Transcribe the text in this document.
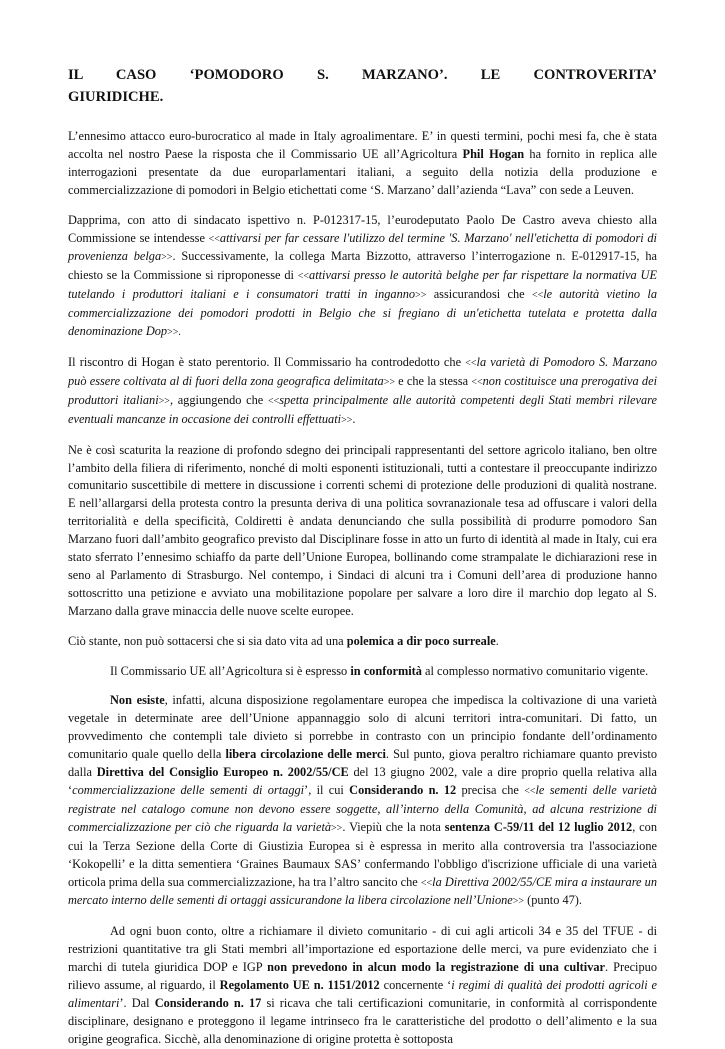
IL CASO ‘POMODORO S. MARZANO’. LE CONTROVERITA’
GIURIDICHE.

L’ennesimo attacco euro-burocratico al made in Italy agroalimentare. E’ in questi termini, pochi mesi fa, che è stata accolta nel nostro Paese la risposta che il Commissario UE all’Agricoltura Phil Hogan ha fornito in replica alle interrogazioni presentate da due europarlamentari italiani, a seguito della notizia della produzione e commercializzazione di pomodori in Belgio etichettati come ‘S. Marzano’ dall’azienda “Lava” con sede a Leuven.

Dapprima, con atto di sindacato ispettivo n. P-012317-15, l’eurodeputato Paolo De Castro aveva chiesto alla Commissione se intendesse <<attivarsi per far cessare l'utilizzo del termine 'S. Marzano' nell'etichetta di pomodori di provenienza belga>>. Successivamente, la collega Marta Bizzotto, attraverso l’interrogazione n. E-012917-15, ha chiesto se la Commissione si riproponesse di <<attivarsi presso le autorità belghe per far rispettare la normativa UE tutelando i produttori italiani e i consumatori tratti in inganno>> assicurandosi che <<le autorità vietino la commercializzazione dei pomodori prodotti in Belgio che si fregiano di un'etichetta tutelata e protetta dalla denominazione Dop>>.

Il riscontro di Hogan è stato perentorio. Il Commissario ha controdedotto che <<la varietà di Pomodoro S. Marzano può essere coltivata al di fuori della zona geografica delimitata>> e che la stessa <<non costituisce una prerogativa dei produttori italiani>>, aggiungendo che <<spetta principalmente alle autorità competenti degli Stati membri rilevare eventuali mancanze in occasione dei controlli effettuati>>.

Ne è così scaturita la reazione di profondo sdegno dei principali rappresentanti del settore agricolo italiano, ben oltre l’ambito della filiera di riferimento, nonché di molti esponenti istituzionali, tutti a contestare il preoccupante indirizzo comunitario suscettibile di mettere in discussione i correnti schemi di protezione delle produzioni di qualità nostrane. E nell’allargarsi della protesta contro la presunta deriva di una politica sovranazionale tesa ad offuscare i valori della territorialità e della specificità, Coldiretti è andata denunciando che sulla possibilità di produrre pomodoro San Marzano fuori dall’ambito geografico previsto dal Disciplinare fosse in atto un furto di identità al made in Italy, cui era stato sferrato l’ennesimo schiaffo da parte dell’Unione Europea, bollinando come strampalate le dichiarazioni rese in seno al Parlamento di Strasburgo. Nel contempo, i Sindaci di alcuni tra i Comuni dell’area di produzione hanno sottoscritto una petizione e avviato una mobilitazione popolare per salvare a loro dire il marchio dop legato al S. Marzano dalla grave minaccia delle nuove scelte europee.

Ciò stante, non può sottacersi che si sia dato vita ad una polemica a dir poco surreale.

Il Commissario UE all’Agricoltura si è espresso in conformità al complesso normativo comunitario vigente.

Non esiste, infatti, alcuna disposizione regolamentare europea che impedisca la coltivazione di una varietà vegetale in determinate aree dell’Unione appannaggio solo di alcuni territori intra-comunitari. Di fatto, un provvedimento che contempli tale divieto si porrebbe in contrasto con un principio fondante dell’ordinamento comunitario quale quello della libera circolazione delle merci. Sul punto, giova peraltro richiamare quanto previsto dalla Direttiva del Consiglio Europeo n. 2002/55/CE del 13 giugno 2002, vale a dire proprio quella relativa alla ‘commercializzazione delle sementi di ortaggi’, il cui Considerando n. 12 precisa che <<le sementi delle varietà registrate nel catalogo comune non devono essere soggette, all’interno della Comunità, ad alcuna restrizione di commercializzazione per ciò che riguarda la varietà>>. Viepiù che la nota sentenza C-59/11 del 12 luglio 2012, con cui la Terza Sezione della Corte di Giustizia Europea si è espressa in merito alla controversia tra l'associazione ‘Kokopelli’ e la ditta sementiera ‘Graines Baumaux SAS’ confermando l'obbligo d'iscrizione ufficiale di una varietà orticola prima della sua commercializzazione, ha tra l’altro sancito che <<la Direttiva 2002/55/CE mira a instaurare un mercato interno delle sementi di ortaggi assicurandone la libera circolazione nell’Unione>> (punto 47).

Ad ogni buon conto, oltre a richiamare il divieto comunitario - di cui agli articoli 34 e 35 del TFUE - di restrizioni quantitative tra gli Stati membri all’importazione ed esportazione delle merci, va pure evidenziato che i marchi di tutela giuridica DOP e IGP non prevedono in alcun modo la registrazione di una cultivar. Precipuo rilievo assume, al riguardo, il Regolamento UE n. 1151/2012 concernente ‘i regimi di qualità dei prodotti agricoli e alimentari’. Dal Considerando n. 17 si ricava che tali certificazioni comunitarie, in conformità al corrispondente disciplinare, designano e proteggono il legame intrinseco fra le caratteristiche del prodotto o dell’alimento e la sua origine geografica. Sicchè, alla denominazione di origine protetta è sottoposta
